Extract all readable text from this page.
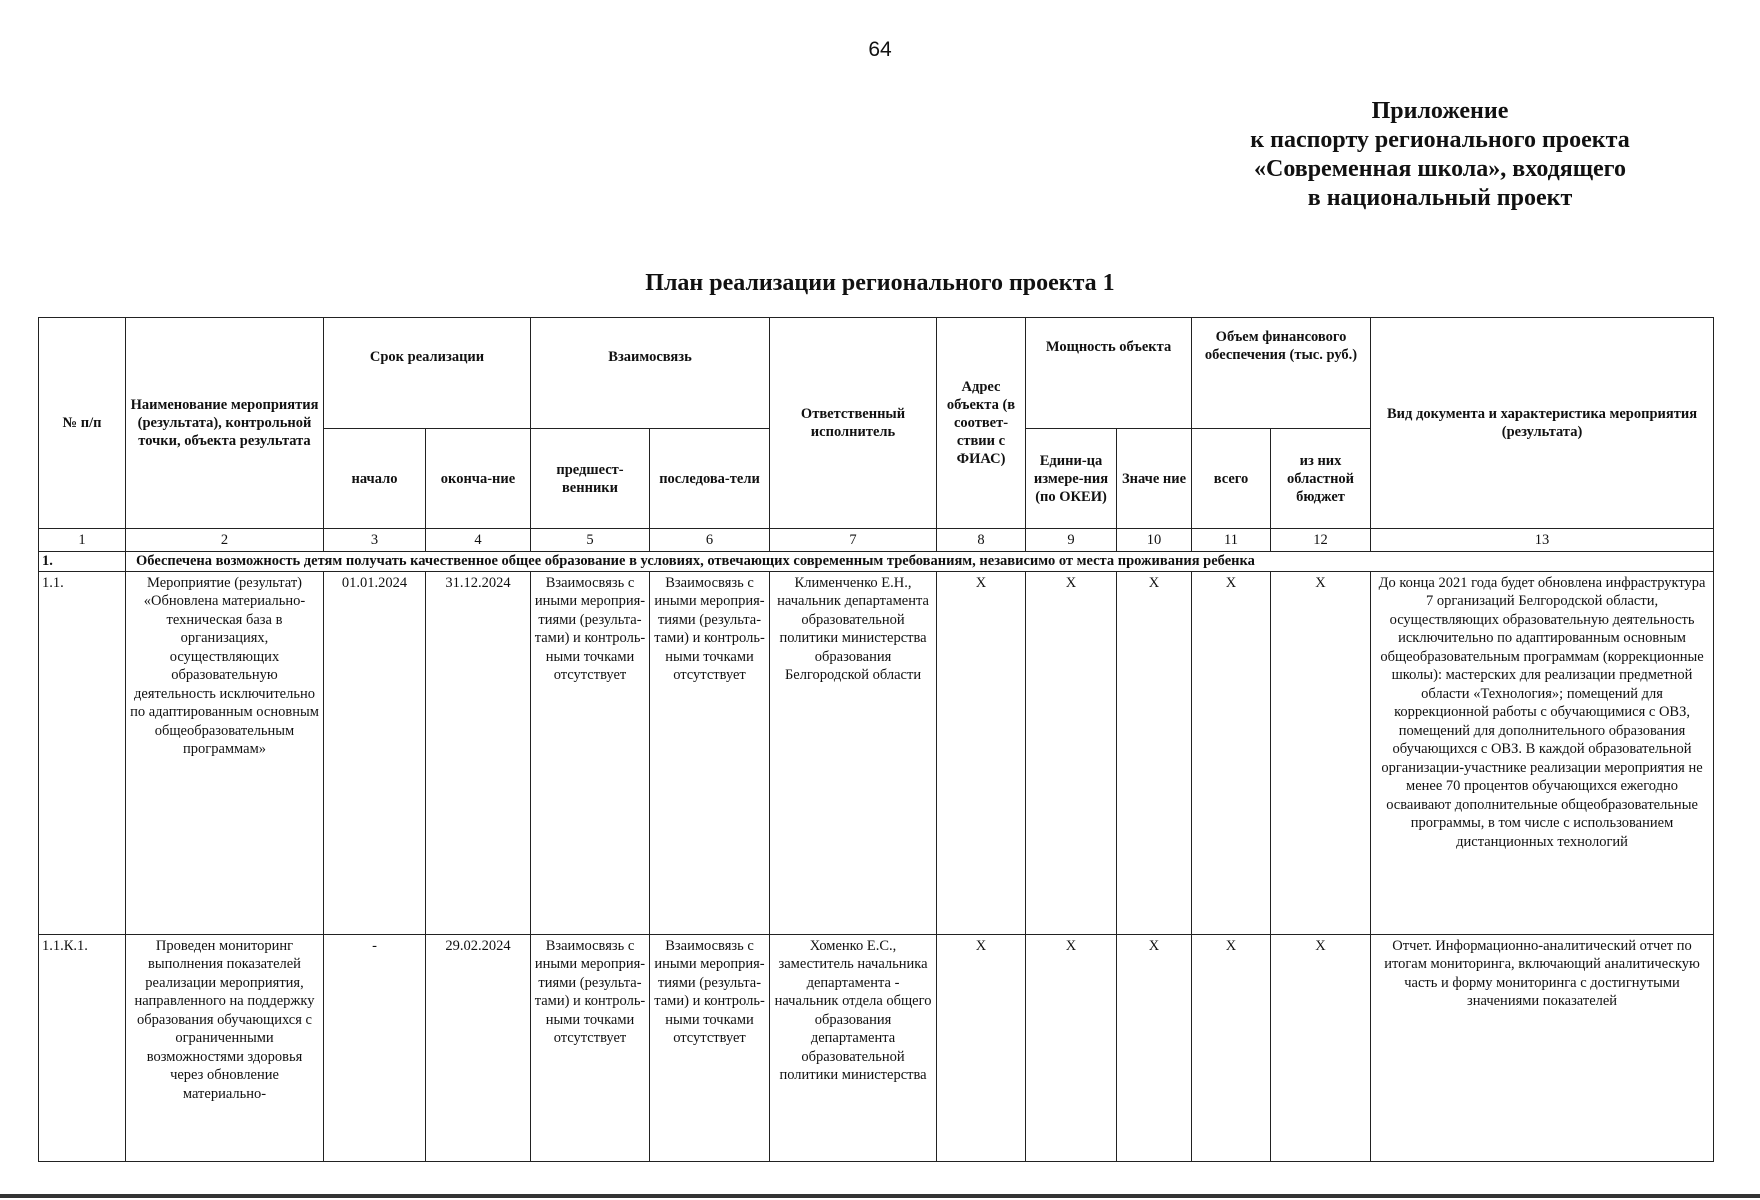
64
Приложение
к паспорту регионального проекта
«Современная школа», входящего
в национальный проект
План реализации регионального проекта 1
№ п/п	Наименование мероприятия (результата), контрольной точки, объекта результата	Срок реализации		Взаимосвязь		Ответственный исполнитель	Адрес объекта (в соответ-ствии с ФИАС)	Мощность объекта		Объем финансового обеспечения (тыс. руб.)		Вид документа и характеристика мероприятия (результата)
		начало	оконча-ние	предшест-венники	последова-тели			Едини-ца измере-ния (по ОКЕИ)	Значе ние	всего	из них областной бюджет	
1	2	3	4	5	6	7	8	9	10	11	12	13
1.	Обеспечена возможность детям получать качественное общее образование в условиях, отвечающих современным требованиям, независимо от места проживания ребенка											
1.1.	Мероприятие (результат) «Обновлена материально-техническая база в организациях, осуществляющих образовательную деятельность исключительно по адаптированным основным общеобразовательным программам»	01.01.2024	31.12.2024	Взаимосвязь с иными мероприя-тиями (результа-тами) и контроль-ными точками отсутствует	Взаимосвязь с иными мероприя-тиями (результа-тами) и контроль-ными точками отсутствует	Клименченко Е.Н., начальник департамента образовательной политики министерства образования Белгородской области	Х	Х	Х	Х	Х	До конца 2021 года будет обновлена инфраструктура 7 организаций Белгородской области, осуществляющих образовательную деятельность исключительно по адаптированным основным общеобразовательным программам (коррекционные школы): мастерских для реализации предметной области «Технология»; помещений для коррекционной работы с обучающимися с ОВЗ, помещений для дополнительного образования обучающихся с ОВЗ. В каждой образовательной организации-участнике реализации мероприятия не менее 70 процентов обучающихся ежегодно осваивают дополнительные общеобразовательные программы, в том числе с использованием дистанционных технологий
1.1.К.1.	Проведен мониторинг выполнения показателей реализации мероприятия, направленного на поддержку образования обучающихся с ограниченными возможностями здоровья через обновление материально-	-	29.02.2024	Взаимосвязь с иными мероприя-тиями (результа-тами) и контроль-ными точками отсутствует	Взаимосвязь с иными мероприя-тиями (результа-тами) и контроль-ными точками отсутствует	Хоменко Е.С., заместитель начальника департамента - начальник отдела общего образования департамента образовательной политики министерства	Х	Х	Х	Х	Х	Отчет. Информационно-аналитический отчет по итогам мониторинга, включающий аналитическую часть и форму мониторинга с достигнутыми значениями показателей
